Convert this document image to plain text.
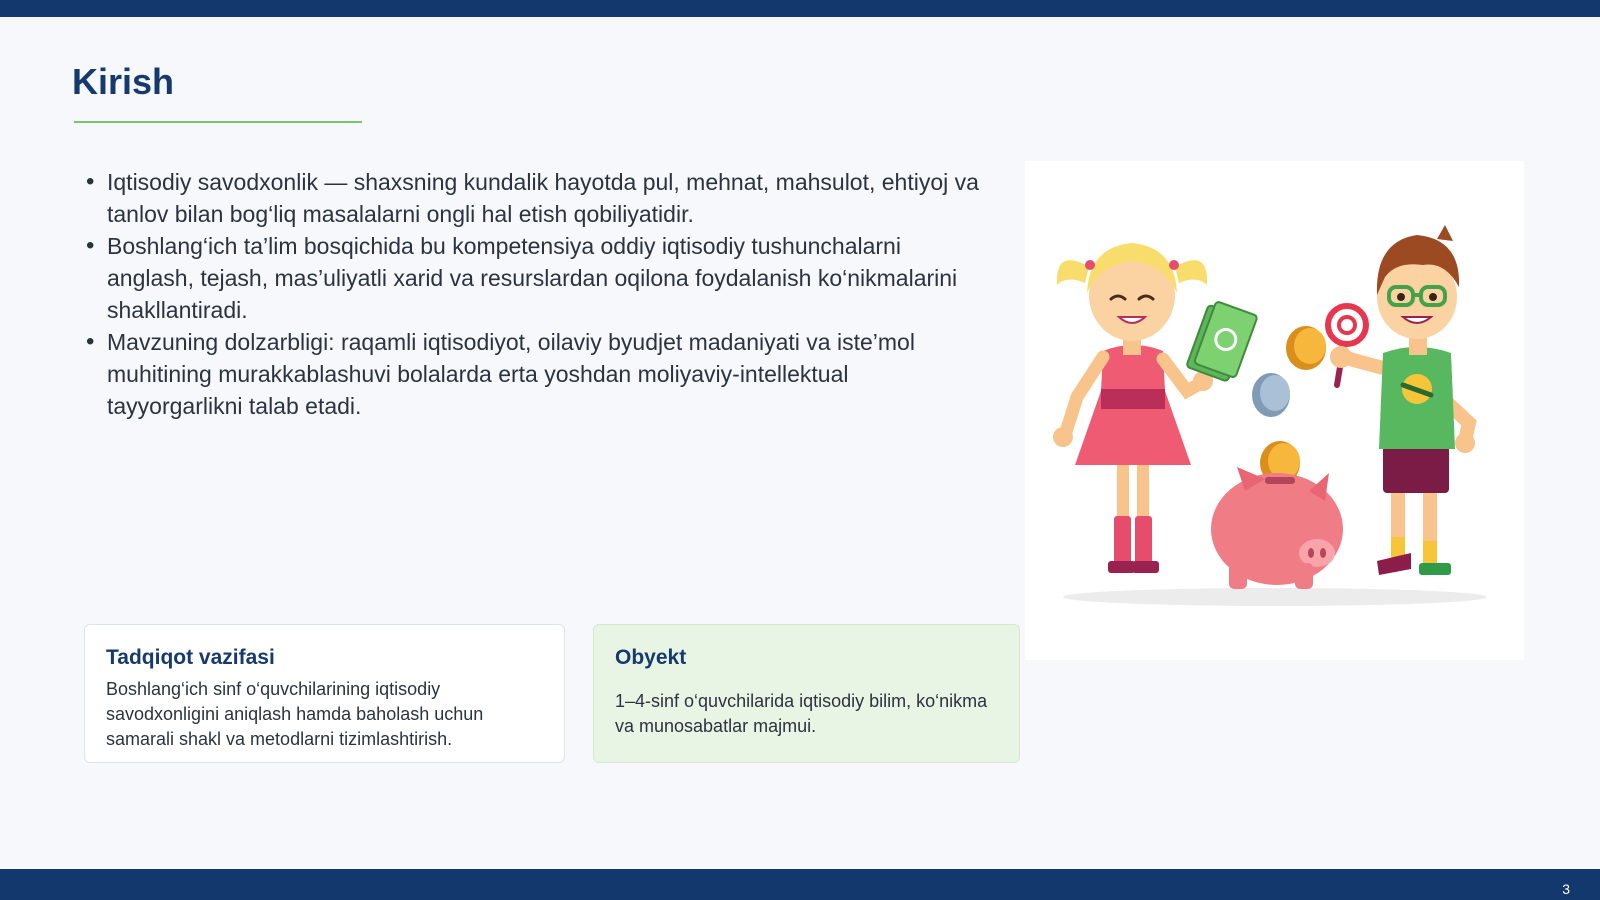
Kirish
• Iqtisodiy savodxonlik — shaxsning kundalik hayotda pul, mehnat, mahsulot, ehtiyoj va tanlov bilan bog‘liq masalalarni ongli hal etish qobiliyatidir.
• Boshlang‘ich ta’lim bosqichida bu kompetensiya oddiy iqtisodiy tushunchalarni anglash, tejash, mas’uliyatli xarid va resurslardan oqilona foydalanish ko‘nikmalarini shakllantiradi.
• Mavzuning dolzarbligi: raqamli iqtisodiyot, oilaviy byudjet madaniyati va iste’mol muhitining murakkablashuvi bolalarda erta yoshdan moliyaviy-intellektual tayyorgarlikni talab etadi.
Tadqiqot vazifasi

Boshlang‘ich sinf o‘quvchilarining iqtisodiy savodxonligini aniqlash hamda baholash uchun samarali shakl va metodlarni tizimlashtirish.

Obyekt

1–4-sinf o‘quvchilarida iqtisodiy bilim, ko‘nikma va munosabatlar majmui.

3
